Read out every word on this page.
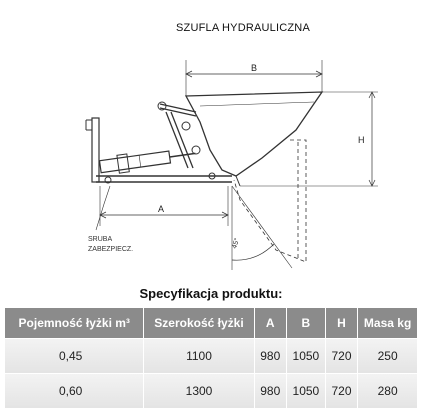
SZUFLA HYDRAULICZNA
B
H
A
45°
SRUBA
ZABEZPIECZ.
Specyfikacja produktu:
Pojemność łyżki m³	Szerokość łyżki	A	B	H	Masa kg
0,45	1100	980	1050	720	250
0,60	1300	980	1050	720	280
